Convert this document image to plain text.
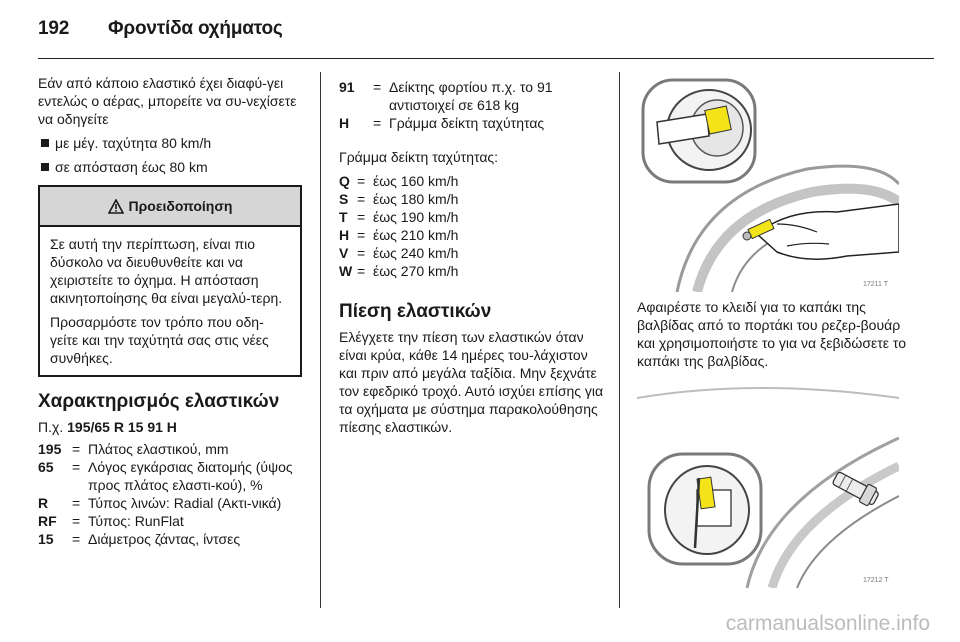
192 Φροντίδα οχήματος

Εάν από κάποιο ελαστικό έχει διαφύ-γει εντελώς ο αέρας, μπορείτε να συ-νεχίσετε να οδηγείτε

με μέγ. ταχύτητα 80 km/h
σε απόσταση έως 80 km
Προειδοποίηση

Σε αυτή την περίπτωση, είναι πιο δύσκολο να διευθυνθείτε και να χειριστείτε το όχημα. Η απόσταση ακινητοποίησης θα είναι μεγαλύ-τερη.

Προσαρμόστε τον τρόπο που οδη-γείτε και την ταχύτητά σας στις νέες συνθήκες.

Χαρακτηρισμός ελαστικών

Π.χ. 195/65 R 15 91 H

195 = Πλάτος ελαστικού, mm
65	= Λόγος εγκάρσιας διατομής (ύψος προς πλάτος ελαστι-κού), %
R	= Τύπος λινών: Radial (Ακτι-νικά)
RF	= Τύπος: RunFlat
15	= Διάμετρος ζάντας, ίντσες
91	= Δείκτης φορτίου π.χ. το 91 αντιστοιχεί σε 618 kg
H	= Γράμμα δείκτη ταχύτητας

Γράμμα δείκτη ταχύτητας:

Q = έως 160 km/h
S = έως 180 km/h
T = έως 190 km/h
H = έως 210 km/h
V = έως 240 km/h
W = έως 270 km/h
Πίεση ελαστικών

Ελέγχετε την πίεση των ελαστικών όταν είναι κρύα, κάθε 14 ημέρες του-λάχιστον και πριν από μεγάλα ταξίδια. Μην ξεχνάτε τον εφεδρικό τροχό. Αυτό ισχύει επίσης για τα οχήματα με σύστημα παρακολούθησης πίεσης ελαστικών.

17211 T

Αφαιρέστε το κλειδί για το καπάκι της βαλβίδας από το πορτάκι του ρεζερ-βουάρ και χρησιμοποιήστε το για να ξεβιδώσετε το καπάκι της βαλβίδας.

17212 T
carmanualsonline.info
